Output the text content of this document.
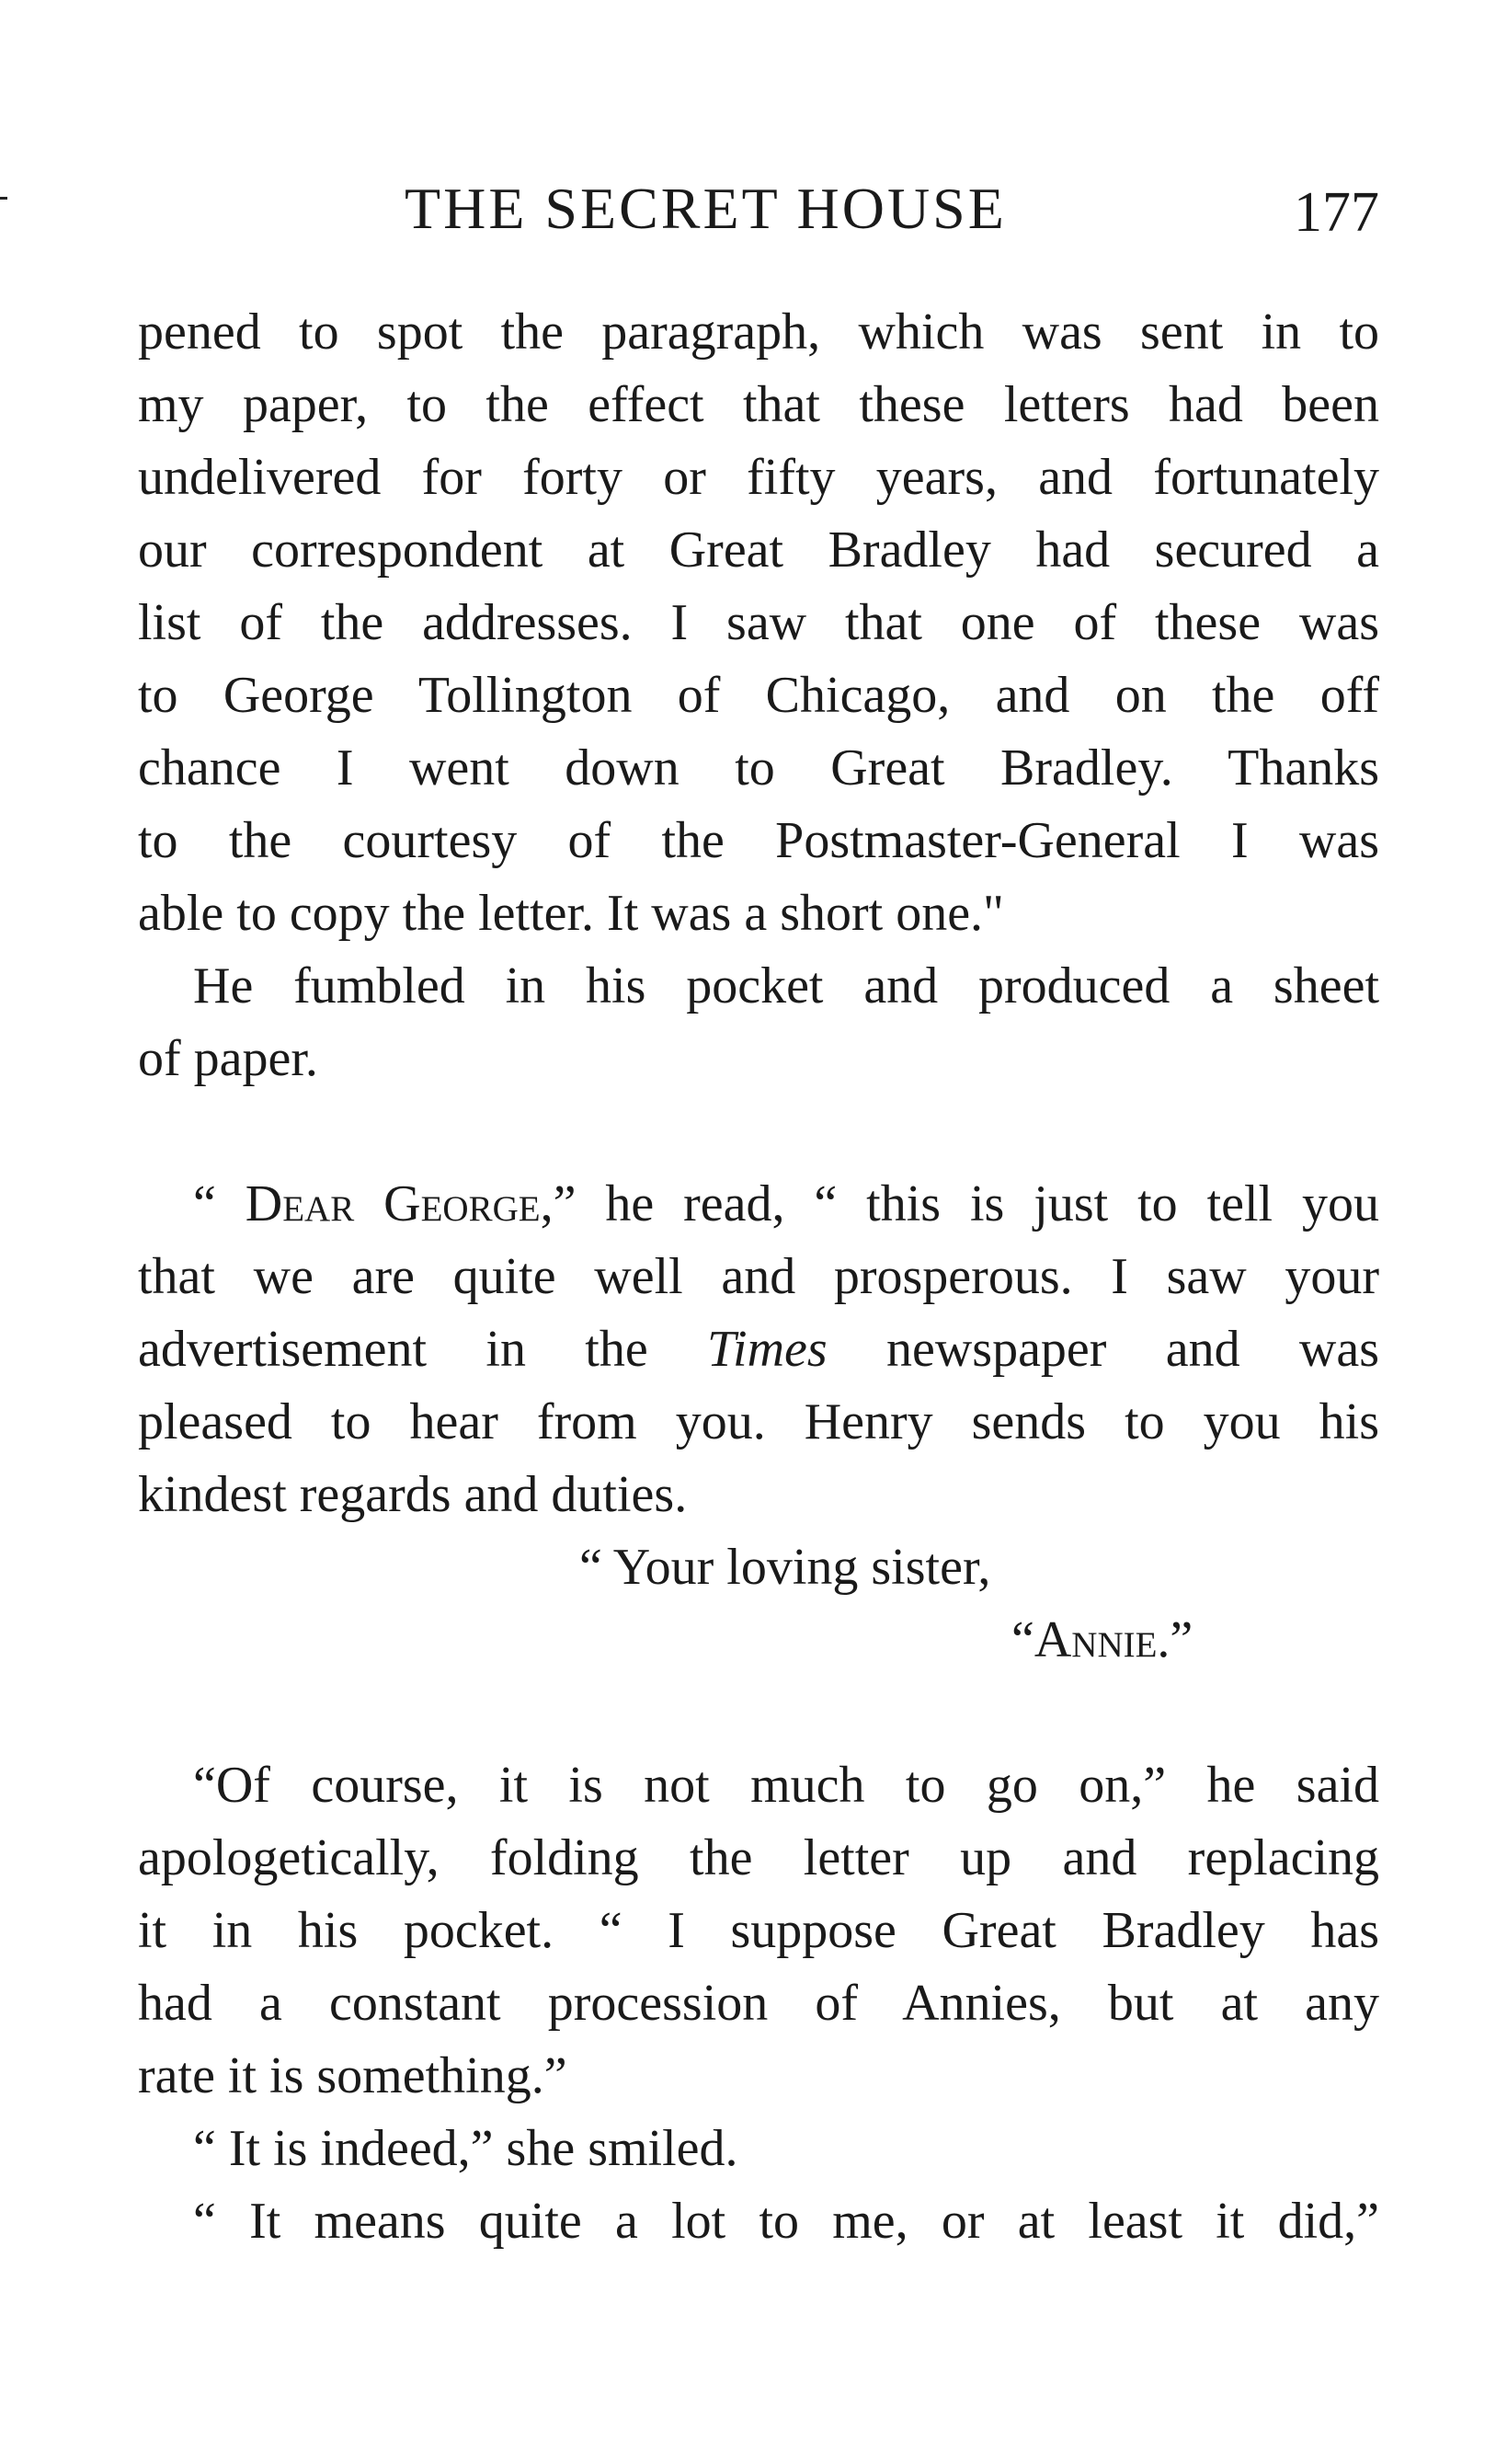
THE SECRET HOUSE	177
pened to spot the paragraph, which was sent in to
my paper, to the effect that these letters had been
undelivered for forty or fifty years, and fortunately
our correspondent at Great Bradley had secured a
list of the addresses. I saw that one of these was
to George Tollington of Chicago, and on the off
chance I went down to Great Bradley. Thanks
to the courtesy of the Postmaster-General I was
able to copy the letter. It was a short one."
He fumbled in his pocket and produced a sheet
of paper.
“ Dear George,” he read, “ this is just to tell you
that we are quite well and prosperous. I saw your
advertisement in the Times newspaper and was
pleased to hear from you. Henry sends to you his
kindest regards and duties.
“ Your loving sister,
“Annie.”
“Of course, it is not much to go on,” he said
apologetically, folding the letter up and replacing
it in his pocket. “ I suppose Great Bradley has
had a constant procession of Annies, but at any
rate it is something.”
“ It is indeed,” she smiled.
“ It means quite a lot to me, or at least it did,”
